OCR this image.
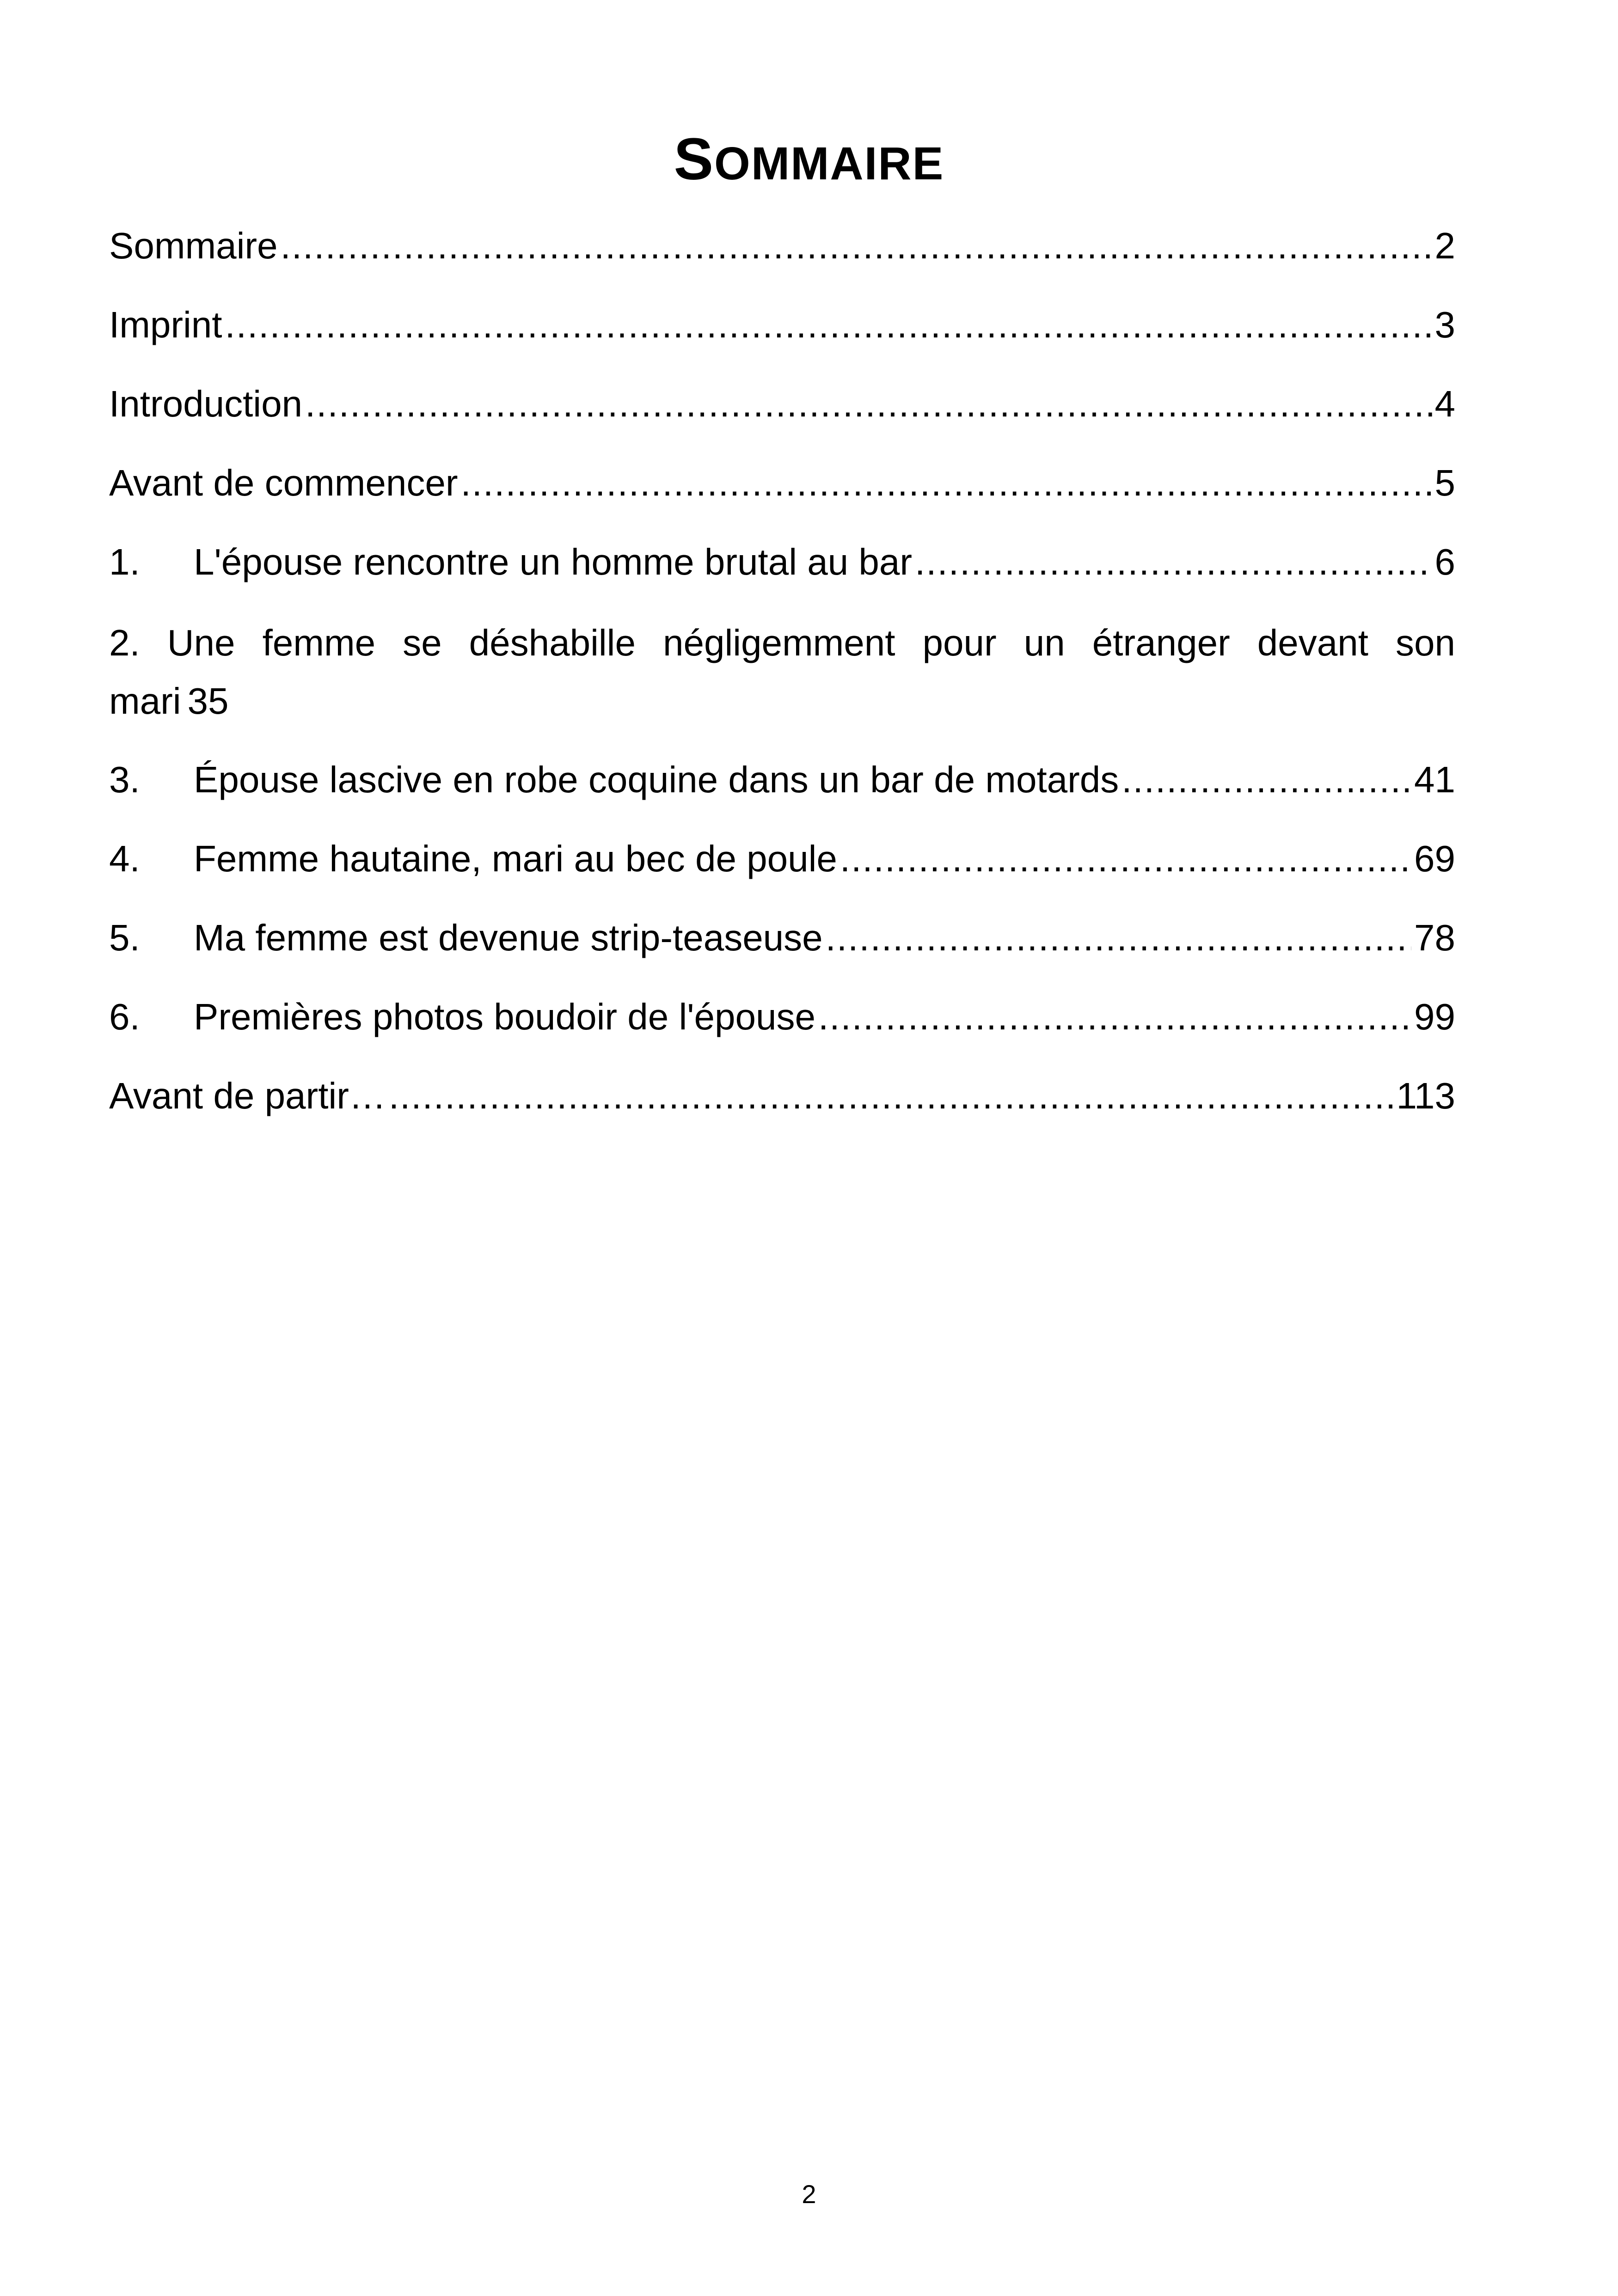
SOMMAIRE
Sommaire .....	2
Imprint .....	3
Introduction .....	4
Avant de commencer .....	5
1.	L'épouse rencontre un homme brutal au bar .....	6
2. Une femme se déshabille négligemment pour un étranger devant son
mari 35
3.	Épouse lascive en robe coquine dans un bar de motards .....	41
4.	Femme hautaine, mari au bec de poule .....	69
5.	Ma femme est devenue strip-teaseuse .....	78
6.	Premières photos boudoir de l'épouse .....	99
Avant de partir… .....	113
2
